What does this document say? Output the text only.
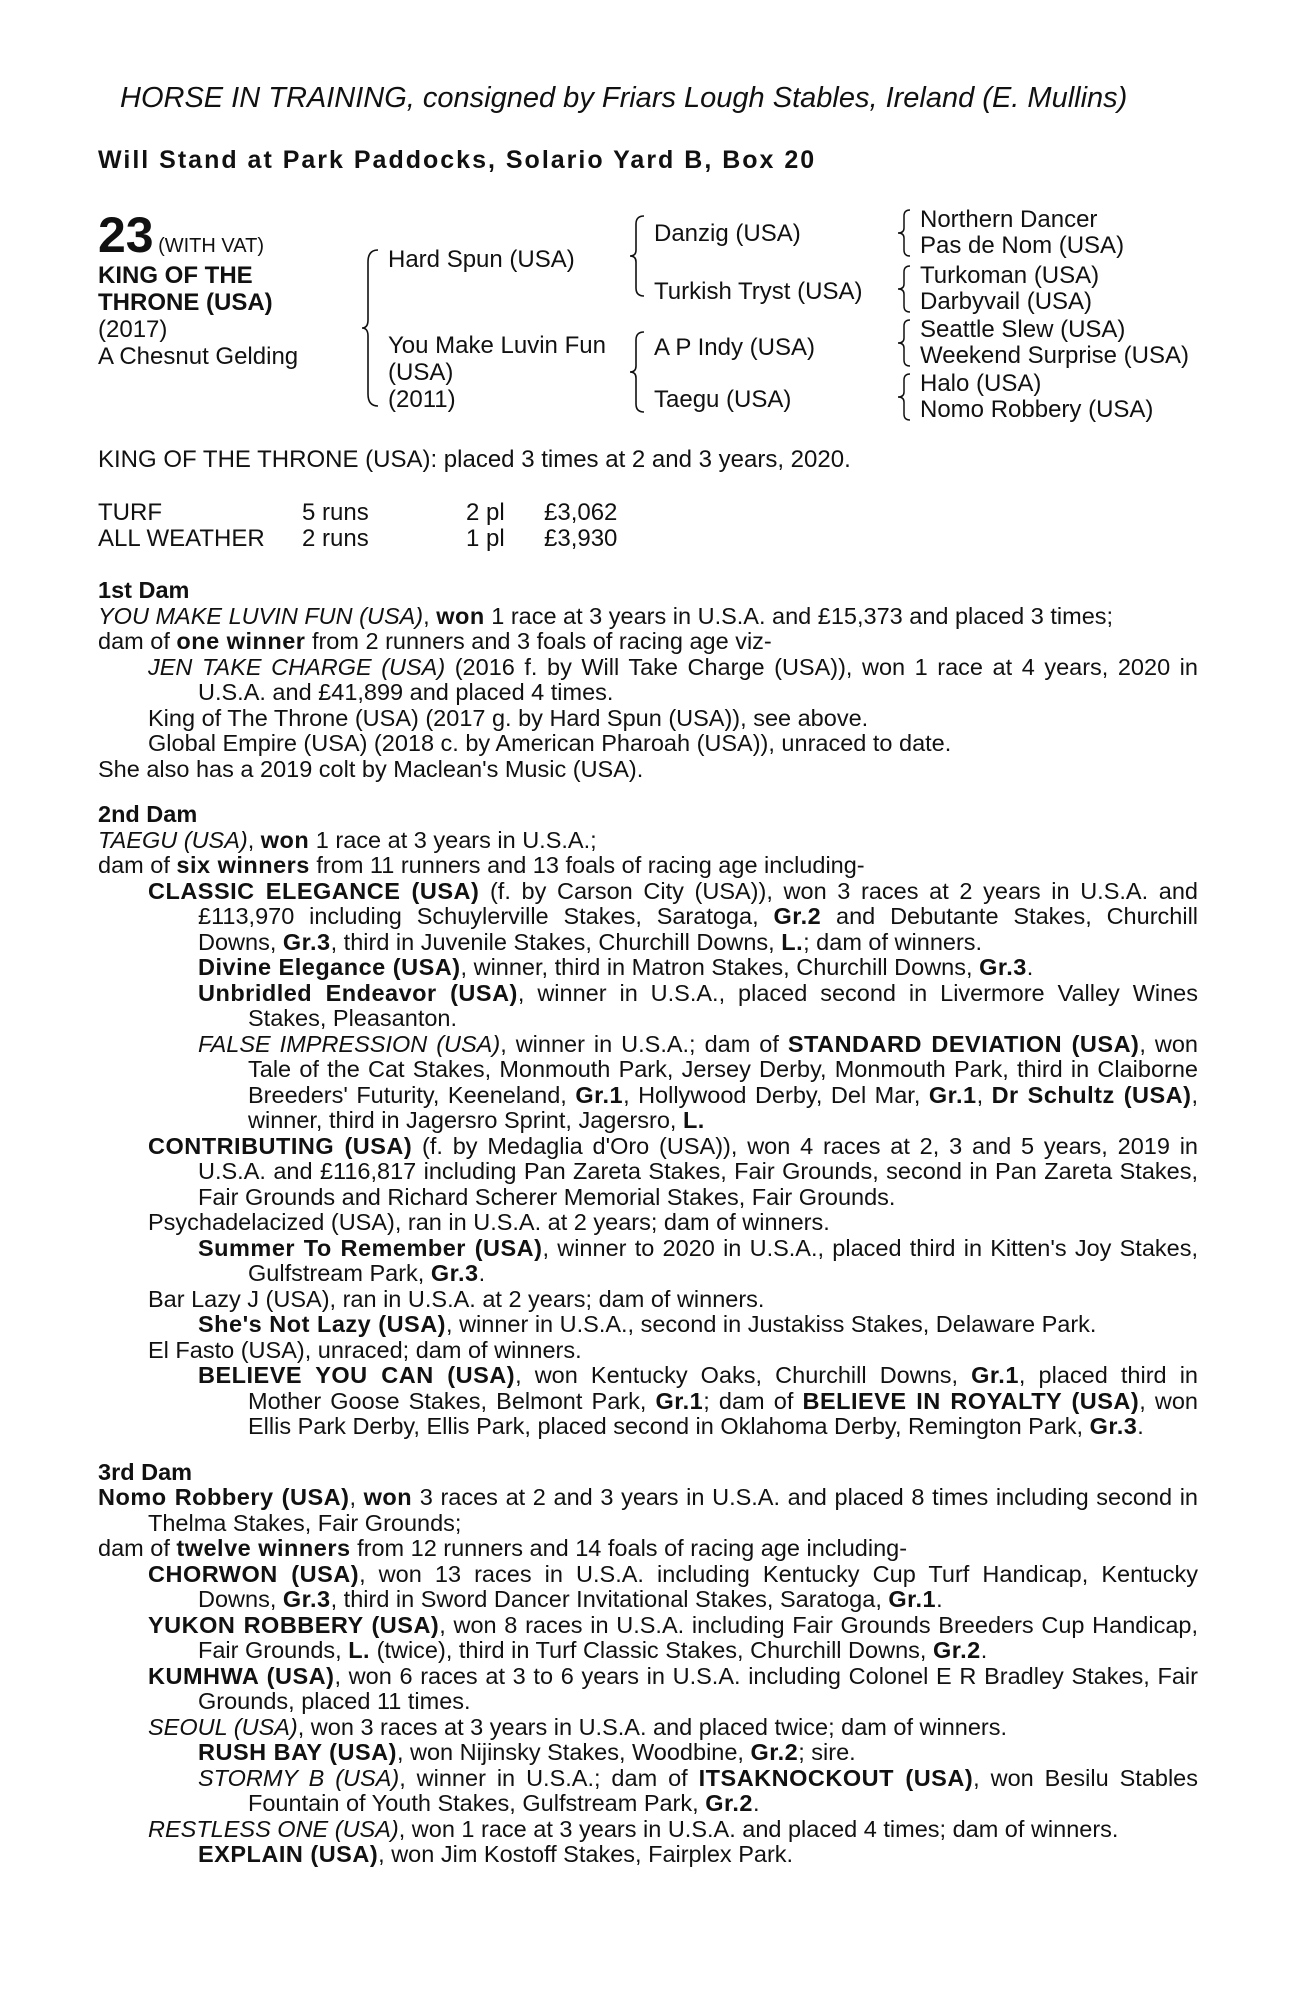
HORSE IN TRAINING, consigned by Friars Lough Stables, Ireland (E. Mullins)
Will Stand at Park Paddocks, Solario Yard B, Box 20
23 (WITH VAT)
KING OF THE
THRONE (USA)
(2017)
A Chesnut Gelding
Hard Spun (USA)
You Make Luvin Fun
(USA)
(2011)
Danzig (USA)
Turkish Tryst (USA)
A P Indy (USA)
Taegu (USA)
Northern Dancer
Pas de Nom (USA)
Turkoman (USA)
Darbyvail (USA)
Seattle Slew (USA)
Weekend Surprise (USA)
Halo (USA)
Nomo Robbery (USA)
KING OF THE THRONE (USA): placed 3 times at 2 and 3 years, 2020.
TURF	5 runs	2 pl	£3,062
ALL WEATHER	2 runs	1 pl	£3,930
1st Dam
YOU MAKE LUVIN FUN (USA), won 1 race at 3 years in U.S.A. and £15,373 and placed 3 times;
dam of one winner from 2 runners and 3 foals of racing age viz-
JEN TAKE CHARGE (USA) (2016 f. by Will Take Charge (USA)), won 1 race at 4 years, 2020 in U.S.A. and £41,899 and placed 4 times.
King of The Throne (USA) (2017 g. by Hard Spun (USA)), see above.
Global Empire (USA) (2018 c. by American Pharoah (USA)), unraced to date.
She also has a 2019 colt by Maclean's Music (USA).
2nd Dam
TAEGU (USA), won 1 race at 3 years in U.S.A.;
dam of six winners from 11 runners and 13 foals of racing age including-
CLASSIC ELEGANCE (USA) (f. by Carson City (USA)), won 3 races at 2 years in U.S.A. and £113,970 including Schuylerville Stakes, Saratoga, Gr.2 and Debutante Stakes, Churchill Downs, Gr.3, third in Juvenile Stakes, Churchill Downs, L.; dam of winners.
Divine Elegance (USA), winner, third in Matron Stakes, Churchill Downs, Gr.3.
Unbridled Endeavor (USA), winner in U.S.A., placed second in Livermore Valley Wines Stakes, Pleasanton.
FALSE IMPRESSION (USA), winner in U.S.A.; dam of STANDARD DEVIATION (USA), won Tale of the Cat Stakes, Monmouth Park, Jersey Derby, Monmouth Park, third in Claiborne Breeders' Futurity, Keeneland, Gr.1, Hollywood Derby, Del Mar, Gr.1, Dr Schultz (USA), winner, third in Jagersro Sprint, Jagersro, L.
CONTRIBUTING (USA) (f. by Medaglia d'Oro (USA)), won 4 races at 2, 3 and 5 years, 2019 in U.S.A. and £116,817 including Pan Zareta Stakes, Fair Grounds, second in Pan Zareta Stakes, Fair Grounds and Richard Scherer Memorial Stakes, Fair Grounds.
Psychadelacized (USA), ran in U.S.A. at 2 years; dam of winners.
Summer To Remember (USA), winner to 2020 in U.S.A., placed third in Kitten's Joy Stakes, Gulfstream Park, Gr.3.
Bar Lazy J (USA), ran in U.S.A. at 2 years; dam of winners.
She's Not Lazy (USA), winner in U.S.A., second in Justakiss Stakes, Delaware Park.
El Fasto (USA), unraced; dam of winners.
BELIEVE YOU CAN (USA), won Kentucky Oaks, Churchill Downs, Gr.1, placed third in Mother Goose Stakes, Belmont Park, Gr.1; dam of BELIEVE IN ROYALTY (USA), won Ellis Park Derby, Ellis Park, placed second in Oklahoma Derby, Remington Park, Gr.3.
3rd Dam
Nomo Robbery (USA), won 3 races at 2 and 3 years in U.S.A. and placed 8 times including second in Thelma Stakes, Fair Grounds;
dam of twelve winners from 12 runners and 14 foals of racing age including-
CHORWON (USA), won 13 races in U.S.A. including Kentucky Cup Turf Handicap, Kentucky Downs, Gr.3, third in Sword Dancer Invitational Stakes, Saratoga, Gr.1.
YUKON ROBBERY (USA), won 8 races in U.S.A. including Fair Grounds Breeders Cup Handicap, Fair Grounds, L. (twice), third in Turf Classic Stakes, Churchill Downs, Gr.2.
KUMHWA (USA), won 6 races at 3 to 6 years in U.S.A. including Colonel E R Bradley Stakes, Fair Grounds, placed 11 times.
SEOUL (USA), won 3 races at 3 years in U.S.A. and placed twice; dam of winners.
RUSH BAY (USA), won Nijinsky Stakes, Woodbine, Gr.2; sire.
STORMY B (USA), winner in U.S.A.; dam of ITSAKNOCKOUT (USA), won Besilu Stables Fountain of Youth Stakes, Gulfstream Park, Gr.2.
RESTLESS ONE (USA), won 1 race at 3 years in U.S.A. and placed 4 times; dam of winners.
EXPLAIN (USA), won Jim Kostoff Stakes, Fairplex Park.
